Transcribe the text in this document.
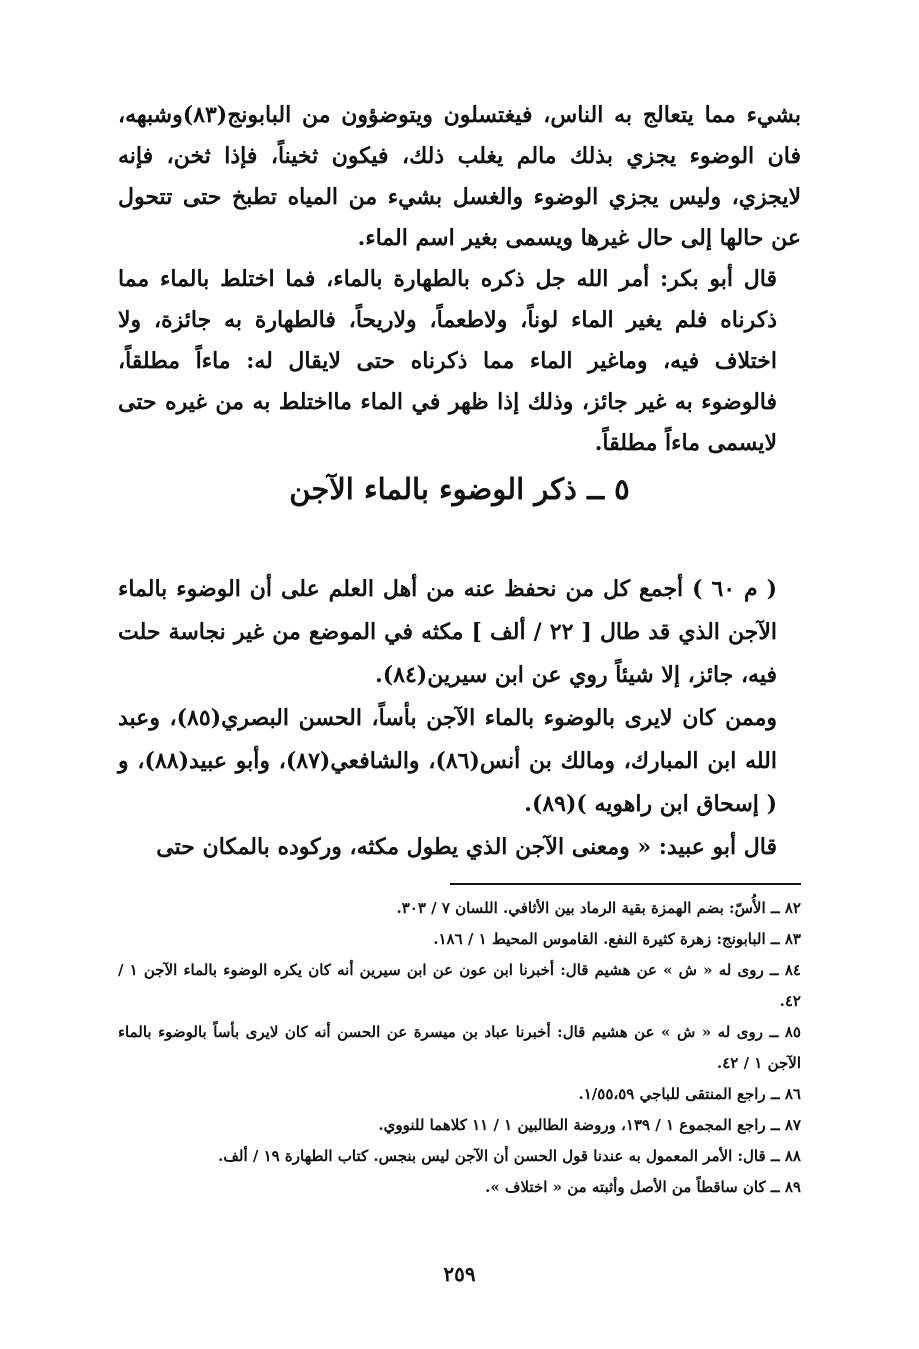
بشيء مما يتعالج به الناس، فيغتسلون ويتوضؤون من البابونج(٨٣)وشبهه، فان الوضوء يجزي بذلك مالم يغلب ذلك، فيكون ثخيناً، فإذا ثخن، فإنه لايجزي، وليس يجزي الوضوء والغسل بشيء من المياه تطبخ حتى تتحول عن حالها إلى حال غيرها ويسمى بغير اسم الماء.

قال أبو بكر: أمر الله جل ذكره بالطهارة بالماء، فما اختلط بالماء مما ذكرناه فلم يغير الماء لوناً، ولاطعماً، ولاريحاً، فالطهارة به جائزة، ولا اختلاف فيه، وماغير الماء مما ذكرناه حتى لايقال له: ماءاً مطلقاً، فالوضوء به غير جائز، وذلك إذا ظهر في الماء مااختلط به من غيره حتى لايسمى ماءاً مطلقاً.

٥ ــ ذكر الوضوء بالماء الآجن

( م ٦٠ ) أجمع كل من نحفظ عنه من أهل العلم على أن الوضوء بالماء الآجن الذي قد طال [ ٢٢ / ألف ] مكثه في الموضع من غير نجاسة حلت فيه، جائز، إلا شيئاً روي عن ابن سيرين(٨٤).

وممن كان لايرى بالوضوء بالماء الآجن بأساً، الحسن البصري(٨٥)، وعبد الله ابن المبارك، ومالك بن أنس(٨٦)، والشافعي(٨٧)، وأبو عبيد(٨٨)، و ( إسحاق ابن راهويه )(٨٩).

قال أبو عبيد: « ومعنى الآجن الذي يطول مكثه، وركوده بالمكان حتى

٨٢ ــ الأُسّ: بضم الهمزة بقية الرماد بين الأثافي. اللسان ٧ / ٣٠٣.

٨٣ ــ البابونج: زهرة كثيرة النفع. القاموس المحيط ١ / ١٨٦.

٨٤ ــ روى له « ش » عن هشيم قال: أخبرنا ابن عون عن ابن سيرين أنه كان يكره الوضوء بالماء الآجن ١ / ٤٢.

٨٥ ــ روى له « ش » عن هشيم قال: أخبرنا عباد بن ميسرة عن الحسن أنه كان لايرى بأساً بالوضوء بالماء الآجن ١ / ٤٢.

٨٦ ــ راجع المنتقى للباجي ١/٥٥،٥٩.

٨٧ ــ راجع المجموع ١ / ١٣٩، وروضة الطالبين ١ / ١١ كلاهما للنووي.

٨٨ ــ قال: الأمر المعمول به عندنا قول الحسن أن الآجن ليس بنجس. كتاب الطهارة ١٩ / ألف.

٨٩ ــ كان ساقطاً من الأصل وأثبته من « اختلاف ».

٢٥٩
